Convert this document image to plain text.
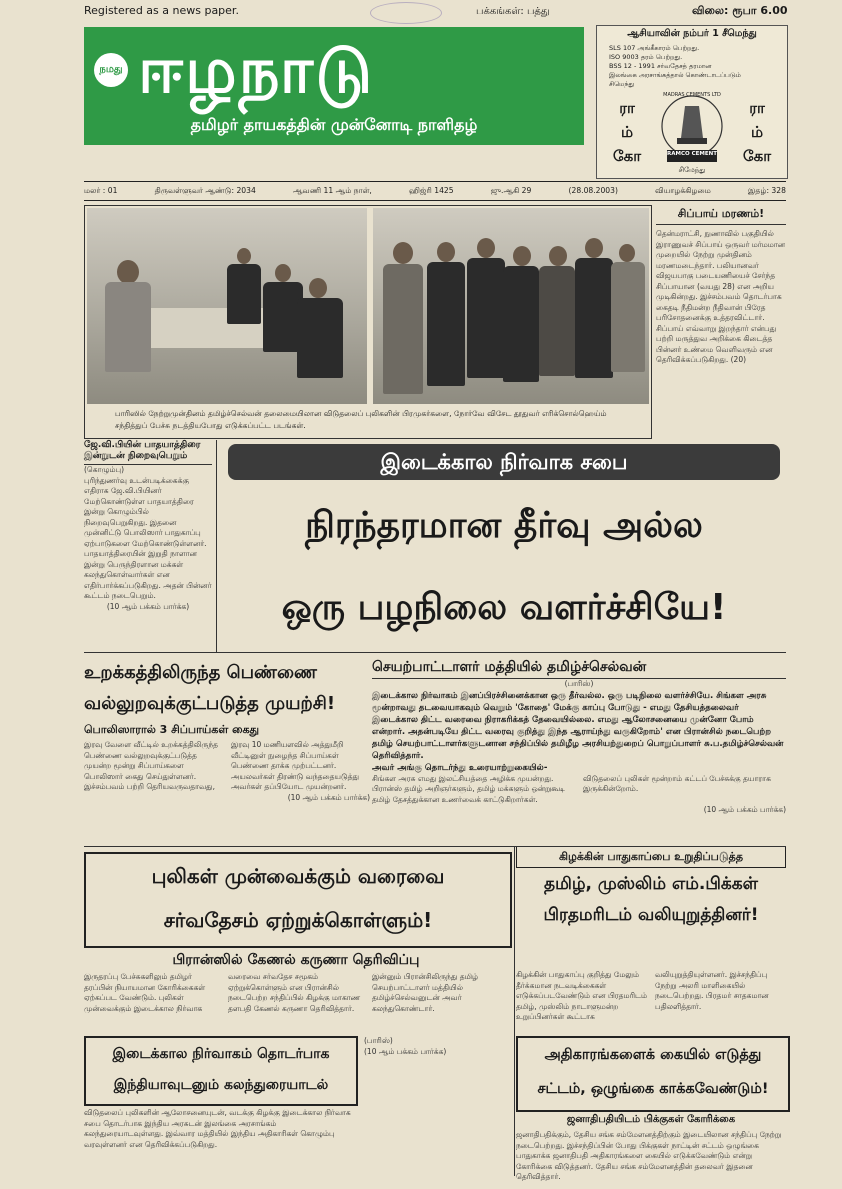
Registered as a news paper.	பக்கங்கள்: பத்து	விலை: ரூபா 6.00
நமது ஈழநாடு
தமிழர் தாயகத்தின் முன்னோடி நாளிதழ்
ஆசியாவின் நம்பர் 1 சீமெந்து
SLS 107 அங்கீகாரம் பெற்றது.
ISO 9003 தரம் பெற்றது.
BSS 12 - 1991 சர்வதேசத் தரமான
இலங்கை அரசாங்கத்தால் கொண்டாடப்படும்
சிமெந்து
ரா
ம்
கோ
ரா
ம்
கோ
MADRAS CEMENTS LTD
RAMCO CEMENT
சிமேந்து
மலர் : 01	திருவள்ளுவர் ஆண்டு: 2034	ஆவணி 11 ஆம் நாள்,	ஹிஜ்ரி 1425	ஜு.ஆகி 29	(28.08.2003)	வியாழக்கிழமை	இதழ்: 328
பாரிஸில் நேற்றுமுன்தினம் தமிழ்ச்செல்வன் தலைமையிலான விடுதலைப் புலிகளின் பிரமுகர்களை, நோர்வே விசேட தூதுவர் எரிக்சொல்ஹெய்ம் சந்தித்துப் பேச்சு நடத்தியபோது எடுக்கப்பட்ட படங்கள்.
சிப்பாய் மரணம்!
தென்மராட்சி, நுணாவில் பகுதியில் இராணுவச் சிப்பாய் ஒருவர் மர்மமான முறையில் நேற்று முன்தினம் மரணமடைந்தார். பலியானவர் விஜயபாகு படையணியைச் சேர்ந்த சிப்பாயான (வயது 28) என அறிய முடிகின்றது. இச்சம்பவம் தொடர்பாக கைதடி நீதிமன்ற நீதிவான் பிரேத பரிசோதனைக்கு உத்தரவிட்டார். சிப்பாய் எவ்வாறு இறந்தார் என்பது பற்றி மருத்துவ அறிக்கை கிடைத்த பின்னர் உண்மை வெளிவரும் என தெரிவிக்கப்படுகிறது. (20)
ஜே.வி.பியின் பாதயாத்திரை இன்றுடன் நிறைவுபெறும்
(கொழும்பு)
புரிந்துணர்வு உடன்படிக்கைக்கு எதிராக ஜே.வி.பியினர் மேற்கொண்டுள்ள பாதயாத்திரை இன்று கொழும்பில் நிறைவுபெறுகிறது. இதனை முன்னிட்டு பொலிஸார் பாதுகாப்பு ஏற்பாடுகளை மேற்கொண்டுள்ளனர். பாதயாத்திரையின் இறுதி நாளான இன்று பெருந்திரளான மக்கள் கலந்துகொள்வார்கள் என எதிர்பார்க்கப்படுகிறது. அதன் பின்னர் கூட்டம் நடைபெறும்.
(10 ஆம் பக்கம் பார்க்க)
இடைக்கால நிர்வாக சபை
நிரந்தரமான தீர்வு அல்ல
ஒரு பழநிலை வளர்ச்சியே!
உறக்கத்திலிருந்த பெண்ணை
வல்லுறவுக்குட்படுத்த முயற்சி!
பொலிஸாரால் 3 சிப்பாய்கள் கைது
இரவு வேளை வீட்டில் உறக்கத்திலிருந்த பெண்ணை வல்லுறவுக்குட்படுத்த முயன்ற மூன்று சிப்பாய்களை பொலிஸார் கைது செய்துள்ளனர். இச்சம்பவம் பற்றி தெரியவருவதாவது, இரவு 10 மணியளவில் அத்துமீறி வீட்டினுள் நுழைந்த சிப்பாய்கள் பெண்ணை தாக்க முற்பட்டனர். அயலவர்கள் திரண்டு வந்ததையடுத்து அவர்கள் தப்பியோட முயன்றனர்.
(10 ஆம் பக்கம் பார்க்க)
செயற்பாட்டாளர் மத்தியில் தமிழ்ச்செல்வன்
(பாரிஸ்)
இடைக்கால நிர்வாகம் இனப்பிரச்சினைக்கான ஒரு தீர்வல்ல. ஒரு படிநிலை வளர்ச்சியே. சிங்கள அரசு மூன்றாவது தடவையாகவும் வெறும் 'கோதை' மேக்கு காப்பு போடுது - எமது தேசியத்தலைவர் இடைக்கால திட்ட வரைவை நிராகரிக்கத் தேவையில்லை. எமது ஆலோசனையை முன்னோ போம் என்றார். அதன்படியே திட்ட வரைவு குறித்து இந்த ஆராய்ந்து வருகிறோம்' என பிரான்சில் நடைபெற்ற தமிழ் செயற்பாட்டாளர்களுடனான சந்திப்பில் தமிழீழ அரசியற்துறைப் பொறுப்பாளர் சு.ப.தமிழ்ச்செல்வன் தெரிவித்தார்.
அவர் அங்கு தொடர்ந்து உரையாற்றுகையில்-
சிங்கள அரசு எமது இலட்சியத்தை அழிக்க முயன்றது. பிரான்ஸ் தமிழ் அறிஞர்களும், தமிழ் மக்களும் ஒன்றுகூடி தமிழ் தேசத்துக்கான உணர்வைக் காட்டுகிறார்கள். விடுதலைப் புலிகள் மூன்றாம் கட்டப் பேச்சுக்கு தயாராக இருக்கின்றோம்.
(10 ஆம் பக்கம் பார்க்க)
கிழக்கின் பாதுகாப்பை உறுதிப்படுத்த
தமிழ், முஸ்லிம் எம்.பிக்கள்
பிரதமரிடம் வலியுறுத்தினர்!
கிழக்கின் பாதுகாப்பு குறித்து மேலும் தீர்க்கமான நடவடிக்கைகள் எடுக்கப்படவேண்டும் என பிரதமரிடம் தமிழ், முஸ்லிம் நாடாளுமன்ற உறுப்பினர்கள் கூட்டாக வலியுறுத்தியுள்ளனர். இச்சந்திப்பு நேற்று அலரி மாளிகையில் நடைபெற்றது. பிரதமர் சாதகமான பதிலளித்தார்.
புலிகள் முன்வைக்கும் வரைவை
சர்வதேசம் ஏற்றுக்கொள்ளும்!
பிரான்ஸில் கேணல் கருணா தெரிவிப்பு
இருதரப்பு பேச்சுகளிலும் தமிழர் தரப்பின் நியாயமான கோரிக்கைகள் ஏற்கப்பட வேண்டும். புலிகள் முன்வைக்கும் இடைக்கால நிர்வாக வரைவை சர்வதேச சமூகம் ஏற்றுக்கொள்ளும் என பிரான்சில் நடைபெற்ற சந்திப்பில் கிழக்கு மாகாண தளபதி கேணல் கருணா தெரிவித்தார். இன்னும் பிரான்சிலிருந்து தமிழ் செயற்பாட்டாளர் மத்தியில் தமிழ்ச்செல்வனுடன் அவர் கலந்துகொண்டார்.
இடைக்கால நிர்வாகம் தொடர்பாக
இந்தியாவுடனும் கலந்துரையாடல்
விடுதலைப் புலிகளின் ஆலோசனையுடன், வடக்கு கிழக்கு இடைக்கால நிர்வாக சபை தொடர்பாக இந்திய அரசுடன் இலங்கை அரசாங்கம் கலந்துரையாடவுள்ளது. இவ்வார மத்தியில் இந்திய அதிகாரிகள் கொழும்பு வரவுள்ளனர் என தெரிவிக்கப்படுகிறது.
(பாரிஸ்)
(10 ஆம் பக்கம் பார்க்க)	அதிகாரங்களைக் கையில் எடுத்து
சட்டம், ஒழுங்கை காக்கவேண்டும்!
ஜனாதிபதியிடம் பிக்குகள் கோரிக்கை
ஜனாதிபதிக்கும், தேசிய சங்க சம்மேளனத்திற்கும் இடையிலான சந்திப்பு நேற்று நடைபெற்றது. இச்சந்திப்பின் போது பிக்குகள் நாட்டின் சட்டம் ஒழுங்கை பாதுகாக்க ஜனாதிபதி அதிகாரங்களை கையில் எடுக்கவேண்டும் என்று கோரிக்கை விடுத்தனர். தேசிய சங்க சம்மேளனத்தின் தலைவர் இதனை தெரிவித்தார்.
